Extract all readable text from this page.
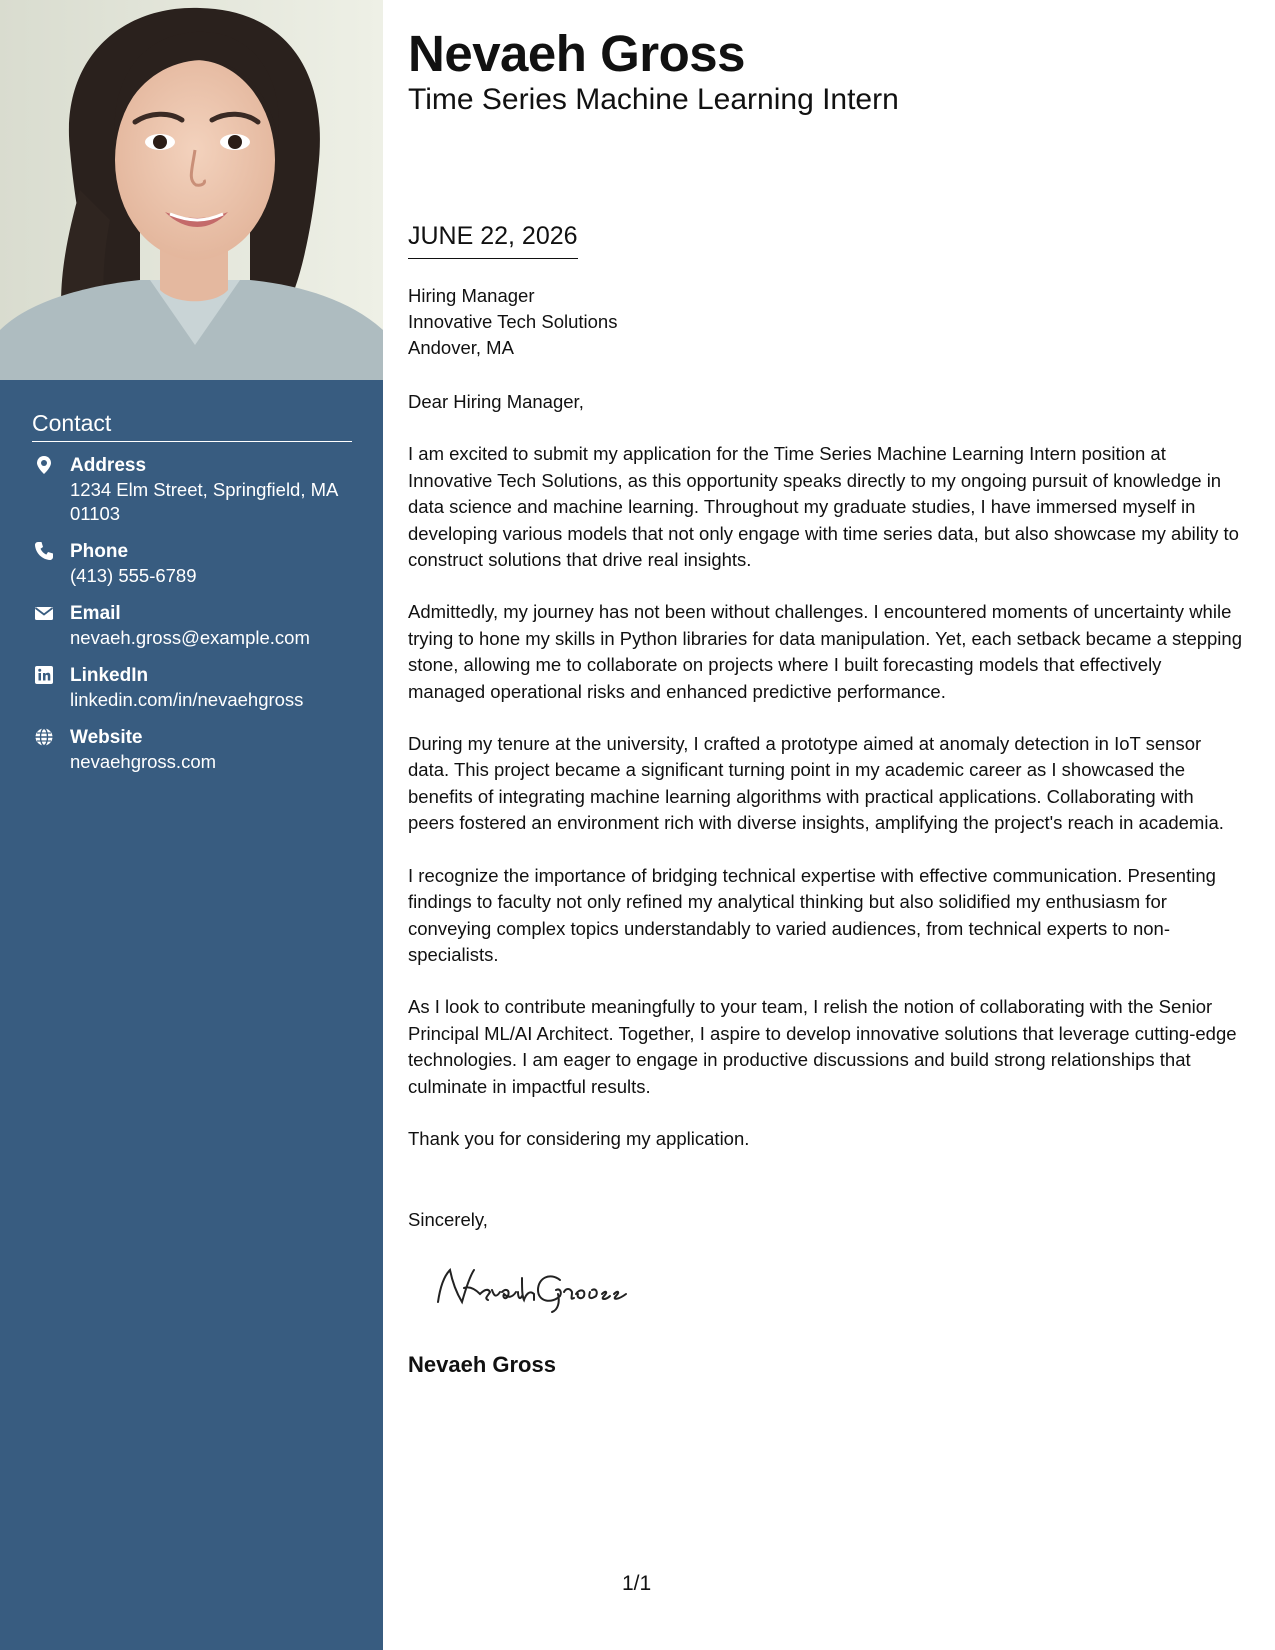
Contact
Address
1234 Elm Street, Springfield, MA 01103
Phone
(413) 555-6789
Email
nevaeh.gross@example.com
LinkedIn
linkedin.com/in/nevaehgross
Website
nevaehgross.com
Nevaeh Gross
Time Series Machine Learning Intern
JUNE 22, 2026
Hiring Manager
Innovative Tech Solutions
Andover, MA

Dear Hiring Manager,

I am excited to submit my application for the Time Series Machine Learning Intern position at Innovative Tech Solutions, as this opportunity speaks directly to my ongoing pursuit of knowledge in data science and machine learning. Throughout my graduate studies, I have immersed myself in developing various models that not only engage with time series data, but also showcase my ability to construct solutions that drive real insights.

Admittedly, my journey has not been without challenges. I encountered moments of uncertainty while trying to hone my skills in Python libraries for data manipulation. Yet, each setback became a stepping stone, allowing me to collaborate on projects where I built forecasting models that effectively managed operational risks and enhanced predictive performance.

During my tenure at the university, I crafted a prototype aimed at anomaly detection in IoT sensor data. This project became a significant turning point in my academic career as I showcased the benefits of integrating machine learning algorithms with practical applications. Collaborating with peers fostered an environment rich with diverse insights, amplifying the project's reach in academia.

I recognize the importance of bridging technical expertise with effective communication. Presenting findings to faculty not only refined my analytical thinking but also solidified my enthusiasm for conveying complex topics understandably to varied audiences, from technical experts to non-specialists.

As I look to contribute meaningfully to your team, I relish the notion of collaborating with the Senior Principal ML/AI Architect. Together, I aspire to develop innovative solutions that leverage cutting-edge technologies. I am eager to engage in productive discussions and build strong relationships that culminate in impactful results.

Thank you for considering my application.

Sincerely,
Nevaeh Gross
1/1
